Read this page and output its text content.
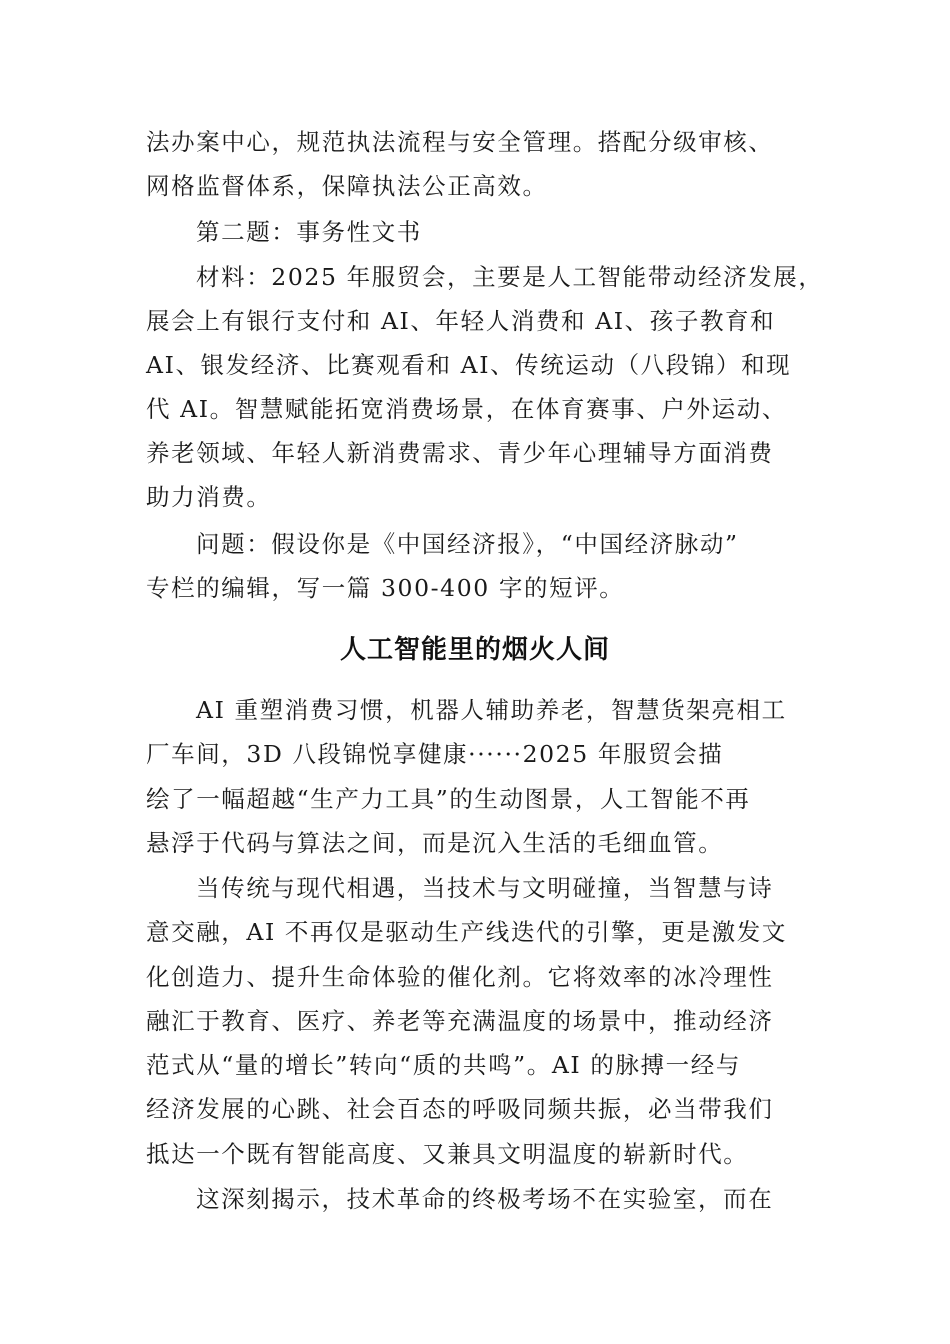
法办案中心，规范执法流程与安全管理。搭配分级审核、
网格监督体系，保障执法公正高效。
第二题：事务性文书
材料：2025 年服贸会，主要是人工智能带动经济发展，
展会上有银行支付和 AI、年轻人消费和 AI、孩子教育和
AI、银发经济、比赛观看和 AI、传统运动（八段锦）和现
代 AI。智慧赋能拓宽消费场景，在体育赛事、户外运动、
养老领域、年轻人新消费需求、青少年心理辅导方面消费
助力消费。
问题：假设你是《中国经济报》，“中国经济脉动”
专栏的编辑，写一篇 300-400 字的短评。
人工智能里的烟火人间
AI 重塑消费习惯，机器人辅助养老，智慧货架亮相工
厂车间，3D 八段锦悦享健康······2025 年服贸会描
绘了一幅超越“生产力工具”的生动图景，人工智能不再
悬浮于代码与算法之间，而是沉入生活的毛细血管。
当传统与现代相遇，当技术与文明碰撞，当智慧与诗
意交融，AI 不再仅是驱动生产线迭代的引擎，更是激发文
化创造力、提升生命体验的催化剂。它将效率的冰冷理性
融汇于教育、医疗、养老等充满温度的场景中，推动经济
范式从“量的增长”转向“质的共鸣”。AI 的脉搏一经与
经济发展的心跳、社会百态的呼吸同频共振，必当带我们
抵达一个既有智能高度、又兼具文明温度的崭新时代。
这深刻揭示，技术革命的终极考场不在实验室，而在
